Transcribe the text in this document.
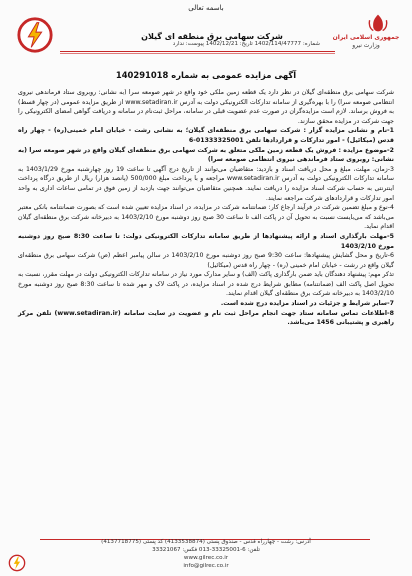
باسمه تعالی
جمهوری اسلامی ایران
وزارت نیرو
شرکت سهامی برق منطقه ای گیلان
شماره: 1402/114/47777 تاریخ: 1402/12/21 پیوست: ندارد
آگهی مزایده عمومی به شماره 140291018

شرکت سهامی برق منطقه‌ای گیلان در نظر دارد یک قطعه زمین ملکی خود واقع در شهر صومعه سرا (به نشانی: روبروی ستاد فرماندهی نیروی انتظامی صومعه سرا) را با بهره‌گیری از سامانه تدارکات الکترونیکی دولت به آدرس www.setadiran.ir از طریق مزایده عمومی (در چهار قسط) به فروش برساند. لازم است مزایده‌گران در صورت عدم عضویت قبلی در سامانه، مراحل ثبت‌نام در سامانه و دریافت گواهی امضای الکترونیکی را جهت شرکت در مزایده محقق سازند.

1-نام و نشانی مزایده گزار : شرکت سهامی برق منطقه‌ای گیلان؛ به نشانی رشت - خیابان امام خمینی(ره) - چهار راه قدس (میکائیل) - امور تدارکات و قراردادها تلفن 01333325001-6

2-موضوع مزایده : فروش یک قطعه زمین ملکی متعلق به شرکت سهامی برق منطقه‌ای گیلان واقع در شهر صومعه سرا (به نشانی: روبروی ستاد فرماندهی نیروی انتظامی صومعه سرا)

3-زمان، مهلت، مبلغ و محل دریافت اسناد و بازدید: متقاضیان می‌توانند از تاریخ درج آگهی تا ساعت 19 روز چهارشنبه مورخ 1403/1/29 به سامانه تدارکات الکترونیکی دولت به آدرس www.setadiran.ir مراجعه و با پرداخت مبلغ 500/000 (پانصد هزار) ریال از طریق درگاه پرداخت اینترنتی به حساب شرکت اسناد مزایده را دریافت نمایند. همچنین متقاضیان می‌توانند جهت بازدید از زمین فوق در تمامی ساعات اداری به واحد امور تدارکات و قراردادهای شرکت مراجعه نمایند.

4-نوع و مبلغ تضمین شرکت در فرآیند ارجاع کار: ضمانتنامه شرکت در مزایده، در اسناد مزایده تعیین شده است که بصورت ضمانتنامه بانکی معتبر می‌باشد که می‌بایست نسبت به تحویل آن در پاکت الف تا ساعت 30 صبح روز دوشنبه مورخ 1403/2/10 به دبیرخانه شرکت برق منطقه‌ای گیلان اقدام نماید.

5-مهلت بارگذاری اسناد و ارائه پیشنهادها از طریق سامانه تدارکات الکترونیکی دولت: تا ساعت 8:30 صبح روز دوشنبه مورخ 1403/2/10

6-تاریخ و محل گشایش پیشنهادها: ساعت 9:30 صبح روز دوشنبه مورخ 1403/2/10 در سالن پیامبر اعظم (ص) شرکت سهامی برق منطقه‌ای گیلان واقع در رشت - خیابان امام خمینی (ره) - چهار راه قدس (میکائیل)

تذکر مهم: پیشنهاد دهندگان باید ضمن بارگذاری پاکت (الف) و سایر مدارک مورد نیاز در سامانه تدارکات الکترونیکی دولت در مهلت مقرر، نسبت به تحویل اصل پاکت الف (ضمانتنامه) مطابق شرایط درج شده در اسناد مزایده، در پاکت لاک و مهر شده تا ساعت 8:30 صبح روز دوشنبه مورخ 1403/2/10 به دبیرخانه شرکت برق منطقه‌ای گیلان اقدام نمایند.

7-سایر شرایط و جزئیات در اسناد مزایده درج شده است.

8-اطلاعات تماس سامانه ستاد جهت انجام مراحل ثبت نام و عضویت در سایت سامانه (www.setadiran.ir) تلفن مرکز راهبری و پشتیبانی 1456 می‌باشد.

آدرس: رشت - چهارراه قدس - صندوق پستی (4133538874) کد پستی (4137718775)
تلفن: 6-33325001-013 فکس: 33321067
www.gilrec.co.ir
info@gilrec.co.ir
